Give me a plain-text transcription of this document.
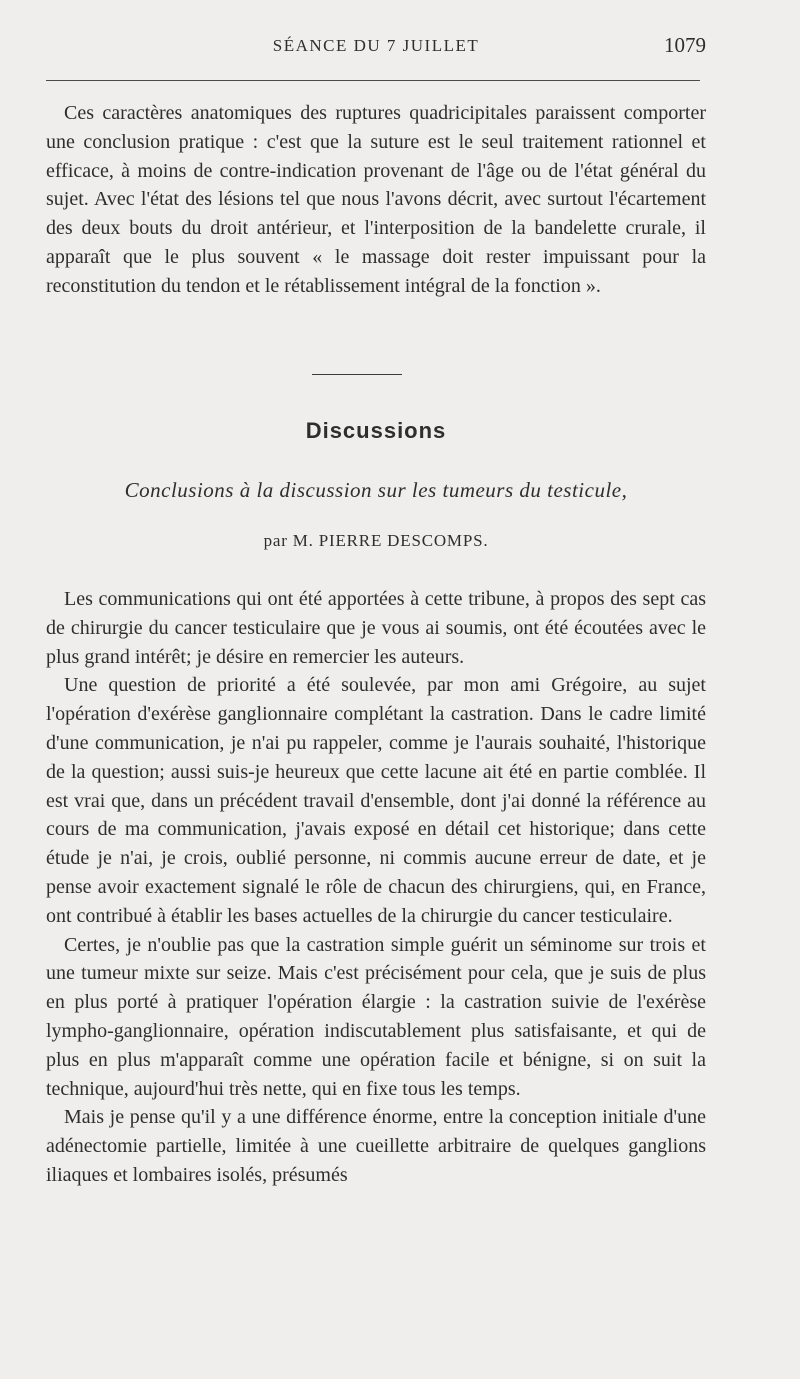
SÉANCE DU 7 JUILLET	1079

Ces caractères anatomiques des ruptures quadricipitales paraissent comporter une conclusion pratique : c'est que la suture est le seul traitement rationnel et efficace, à moins de contre-indication provenant de l'âge ou de l'état général du sujet. Avec l'état des lésions tel que nous l'avons décrit, avec surtout l'écartement des deux bouts du droit antérieur, et l'interposition de la bandelette crurale, il apparaît que le plus souvent « le massage doit rester impuissant pour la reconstitution du tendon et le rétablissement intégral de la fonction ».

Discussions
Conclusions à la discussion sur les tumeurs du testicule,
par M. PIERRE DESCOMPS.

Les communications qui ont été apportées à cette tribune, à propos des sept cas de chirurgie du cancer testiculaire que je vous ai soumis, ont été écoutées avec le plus grand intérêt; je désire en remercier les auteurs.

Une question de priorité a été soulevée, par mon ami Grégoire, au sujet l'opération d'exérèse ganglionnaire complétant la castration. Dans le cadre limité d'une communication, je n'ai pu rappeler, comme je l'aurais souhaité, l'historique de la question; aussi suis-je heureux que cette lacune ait été en partie comblée. Il est vrai que, dans un précédent travail d'ensemble, dont j'ai donné la référence au cours de ma communication, j'avais exposé en détail cet historique; dans cette étude je n'ai, je crois, oublié personne, ni commis aucune erreur de date, et je pense avoir exactement signalé le rôle de chacun des chirurgiens, qui, en France, ont contribué à établir les bases actuelles de la chirurgie du cancer testiculaire.

Certes, je n'oublie pas que la castration simple guérit un séminome sur trois et une tumeur mixte sur seize. Mais c'est précisément pour cela, que je suis de plus en plus porté à pratiquer l'opération élargie : la castration suivie de l'exérèse lympho-ganglionnaire, opération indiscutablement plus satisfaisante, et qui de plus en plus m'apparaît comme une opération facile et bénigne, si on suit la technique, aujourd'hui très nette, qui en fixe tous les temps.

Mais je pense qu'il y a une différence énorme, entre la conception initiale d'une adénectomie partielle, limitée à une cueillette arbitraire de quelques ganglions iliaques et lombaires isolés, présumés
